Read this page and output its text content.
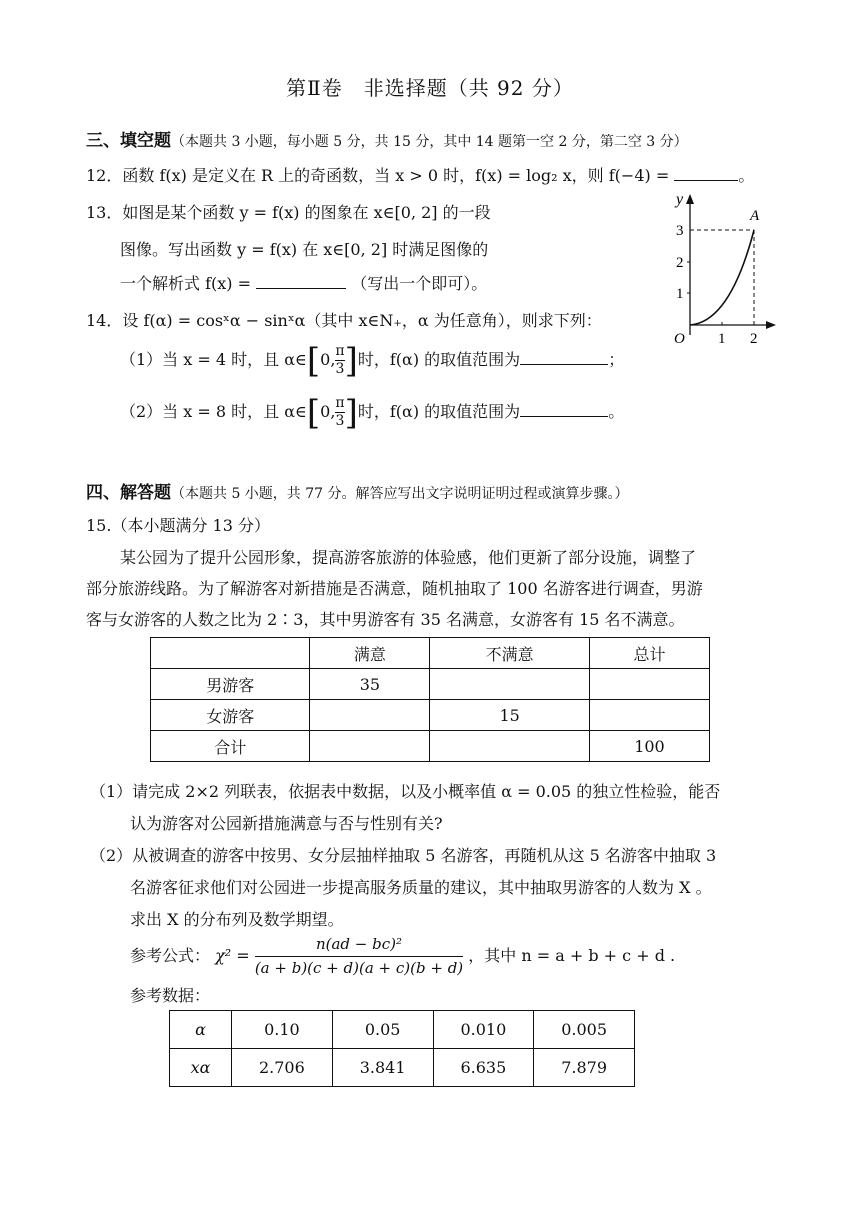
第Ⅱ卷　非选择题（共 92 分）
三、填空题（本题共 3 小题，每小题 5 分，共 15 分，其中 14 题第一空 2 分，第二空 3 分）
12．函数 f(x) 是定义在 R 上的奇函数，当 x > 0 时，f(x) = log₂ x，则 f(−4) =	。
13．如图是某个函数 y = f(x) 的图象在 x∈[0, 2] 的一段
图像。写出函数 y = f(x) 在 x∈[0, 2] 时满足图像的
一个解析式 f(x) =	（写出一个即可）。
y
A
O 1 2
1
2
3
14．设 f(α) = cosˣα − sinˣα（其中 x∈N₊，α 为任意角），则求下列：
（1）当 x = 4 时，且 α∈[0, $\frac{\pi}{3}$ ]时，f(α) 的取值范围为	；
（2）当 x = 8 时，且 α∈[0, $\frac{\pi}{3}$ ]时，f(α) 的取值范围为	。
四、解答题（本题共 5 小题，共 77 分。解答应写出文字说明证明过程或演算步骤。）
15.（本小题满分 13 分）
某公园为了提升公园形象，提高游客旅游的体验感，他们更新了部分设施，调整了
部分旅游线路。为了解游客对新措施是否满意，随机抽取了 100 名游客进行调查，男游
客与女游客的人数之比为 2∶3，其中男游客有 35 名满意，女游客有 15 名不满意。
	满意	不满意	总计
男游客	35		
女游客		15	
合计			100
（1）请完成 2×2 列联表，依据表中数据，以及小概率值 α = 0.05 的独立性检验，能否
认为游客对公园新措施满意与否与性别有关?
（2）从被调查的游客中按男、女分层抽样抽取 5 名游客，再随机从这 5 名游客中抽取 3
名游客征求他们对公园进一步提高服务质量的建议，其中抽取男游客的人数为 X 。
求出 X 的分布列及数学期望。
参考公式： $\chi^2 = \frac{\text{n(ad − bc)²}}{(a + b)(c + d)(a + c)(b + d)}$ ，其中 n = a + b + c + d .
参考数据：
α	0.10	0.05	0.010	0.005
xα	2.706	3.841	6.635	7.879
